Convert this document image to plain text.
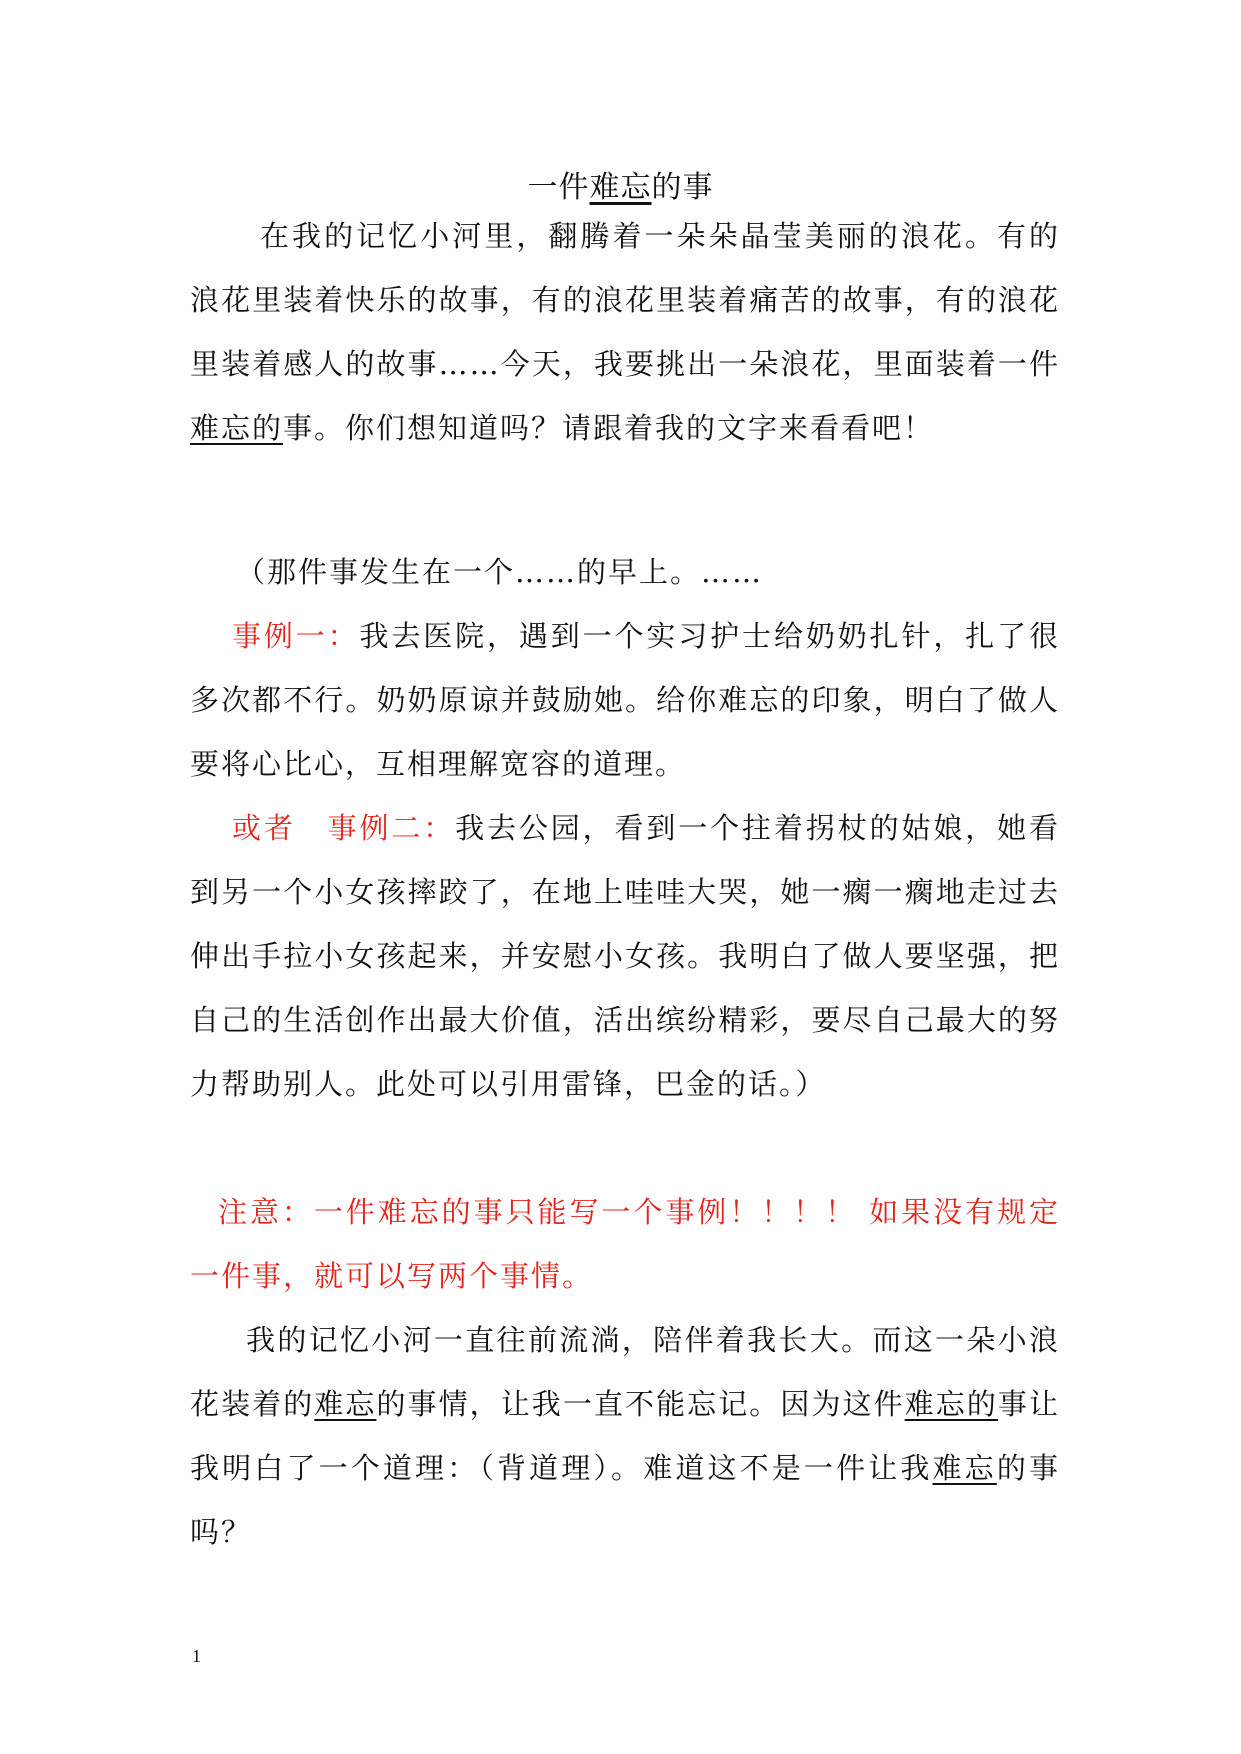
一件难忘的事

在我的记忆小河里，翻腾着一朵朵晶莹美丽的浪花。有的浪花里装着快乐的故事，有的浪花里装着痛苦的故事，有的浪花里装着感人的故事……今天，我要挑出一朵浪花，里面装着一件难忘的事。你们想知道吗？请跟着我的文字来看看吧！

（那件事发生在一个……的早上。……

事例一：我去医院，遇到一个实习护士给奶奶扎针，扎了很多次都不行。奶奶原谅并鼓励她。给你难忘的印象，明白了做人要将心比心，互相理解宽容的道理。

或者　事例二：我去公园，看到一个拄着拐杖的姑娘，她看到另一个小女孩摔跤了，在地上哇哇大哭，她一瘸一瘸地走过去伸出手拉小女孩起来，并安慰小女孩。我明白了做人要坚强，把自己的生活创作出最大价值，活出缤纷精彩，要尽自己最大的努力帮助别人。此处可以引用雷锋，巴金的话。）

注意：一件难忘的事只能写一个事例！！！！ 如果没有规定一件事，就可以写两个事情。

我的记忆小河一直往前流淌，陪伴着我长大。而这一朵小浪花装着的难忘的事情，让我一直不能忘记。因为这件难忘的事让我明白了一个道理：（背道理）。难道这不是一件让我难忘的事吗？

1
